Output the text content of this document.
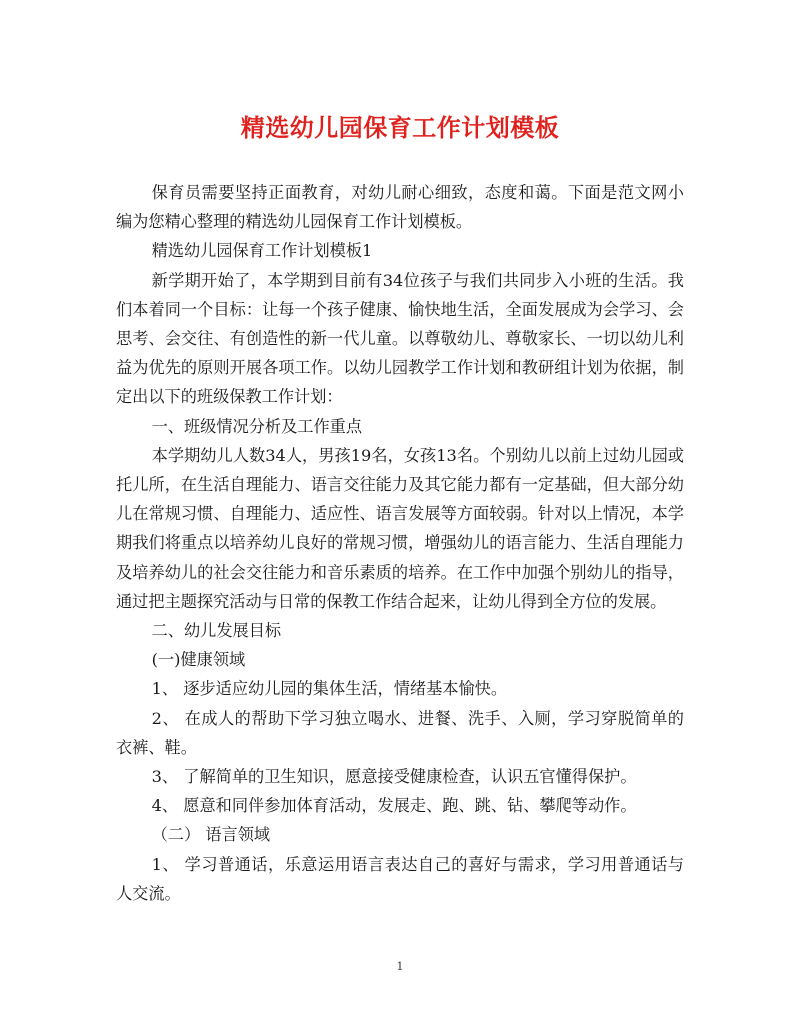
精选幼儿园保育工作计划模板

保育员需要坚持正面教育，对幼儿耐心细致，态度和蔼。下面是范文网小编为您精心整理的精选幼儿园保育工作计划模板。

精选幼儿园保育工作计划模板1

新学期开始了，本学期到目前有34位孩子与我们共同步入小班的生活。我们本着同一个目标：让每一个孩子健康、愉快地生活，全面发展成为会学习、会思考、会交往、有创造性的新一代儿童。以尊敬幼儿、尊敬家长、一切以幼儿利益为优先的原则开展各项工作。以幼儿园教学工作计划和教研组计划为依据，制定出以下的班级保教工作计划：

一、班级情况分析及工作重点

本学期幼儿人数34人，男孩19名，女孩13名。个别幼儿以前上过幼儿园或托儿所，在生活自理能力、语言交往能力及其它能力都有一定基础，但大部分幼儿在常规习惯、自理能力、适应性、语言发展等方面较弱。针对以上情况，本学期我们将重点以培养幼儿良好的常规习惯，增强幼儿的语言能力、生活自理能力及培养幼儿的社会交往能力和音乐素质的培养。在工作中加强个别幼儿的指导，通过把主题探究活动与日常的保教工作结合起来，让幼儿得到全方位的发展。

二、幼儿发展目标

(一)健康领域

1、 逐步适应幼儿园的集体生活，情绪基本愉快。

2、 在成人的帮助下学习独立喝水、进餐、洗手、入厕，学习穿脱简单的衣裤、鞋。

3、 了解简单的卫生知识，愿意接受健康检查，认识五官懂得保护。

4、 愿意和同伴参加体育活动，发展走、跑、跳、钻、攀爬等动作。

（二） 语言领域

1、 学习普通话，乐意运用语言表达自己的喜好与需求，学习用普通话与人交流。

1
